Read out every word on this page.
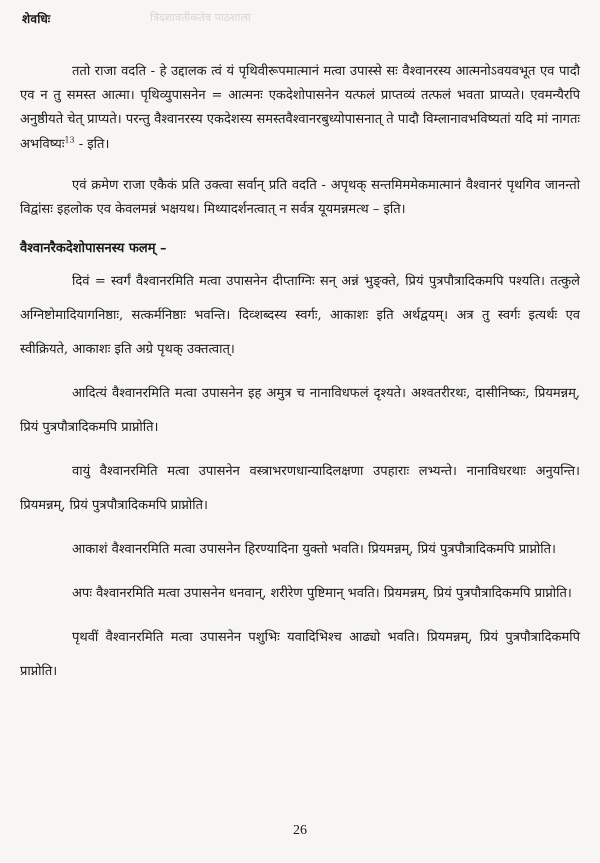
शेवधिः	त्रिदशावतीकतेव पाठशाला

ततो राजा वदति - हे उद्दालक त्वं यं पृथिवीरूपमात्मानं मत्वा उपास्से सः वैश्वानरस्य आत्मनोऽवयवभूत एव पादौ एव न तु समस्त आत्मा। पृथिव्युपासनेन = आत्मनः एकदेशोपासनेन यत्फलं प्राप्तव्यं तत्फलं भवता प्राप्यते। एवमन्यैरपि अनुष्ठीयते चेत् प्राप्यते। परन्तु वैश्वानरस्य एकदेशस्य समस्तवैश्वानरबुध्योपासनात् ते पादौ विम्लानावभविष्यतां यदि मां नागतः अभविष्यः$^{13}$ - इति।

एवं क्रमेण राजा एकैकं प्रति उक्त्वा सर्वान् प्रति वदति - अपृथक् सन्तमिममेकमात्मानं वैश्वानरं पृथगिव जानन्तो विद्वांसः इहलोक एव केवलमन्नं भक्षयथ। मिथ्यादर्शनत्वात् न सर्वत्र यूयमन्नमत्थ – इति।

वैश्वानरैकदेशोपासनस्य फलम् –

दिवं = स्वर्गं वैश्वानरमिति मत्वा उपासनेन दीप्ताग्निः सन् अन्नं भुङ्क्ते, प्रियं पुत्रपौत्रादिकमपि पश्यति। तत्कुले अग्निष्टोमादियागनिष्ठाः, सत्कर्मनिष्ठाः भवन्ति। दिव्शब्दस्य स्वर्गः, आकाशः इति अर्थद्वयम्। अत्र तु स्वर्गः इत्यर्थः एव स्वीक्रियते, आकाशः इति अग्रे पृथक् उक्तत्वात्।

आदित्यं वैश्वानरमिति मत्वा उपासनेन इह अमुत्र च नानाविधफलं दृश्यते। अश्वतरीरथः, दासीनिष्कः, प्रियमन्नम्, प्रियं पुत्रपौत्रादिकमपि प्राप्नोति।

वायुं वैश्वानरमिति मत्वा उपासनेन वस्त्राभरणधान्यादिलक्षणा उपहाराः लभ्यन्ते। नानाविधरथाः अनुयन्ति। प्रियमन्नम्, प्रियं पुत्रपौत्रादिकमपि प्राप्नोति।

आकाशं वैश्वानरमिति मत्वा उपासनेन हिरण्यादिना युक्तो भवति। प्रियमन्नम्, प्रियं पुत्रपौत्रादिकमपि प्राप्नोति।

अपः वैश्वानरमिति मत्वा उपासनेन धनवान्, शरीरेण पुष्टिमान् भवति। प्रियमन्नम्, प्रियं पुत्रपौत्रादिकमपि प्राप्नोति।

पृथवीं वैश्वानरमिति मत्वा उपासनेन पशुभिः यवादिभिश्च आढ्यो भवति। प्रियमन्नम्, प्रियं पुत्रपौत्रादिकमपि प्राप्नोति।

26
